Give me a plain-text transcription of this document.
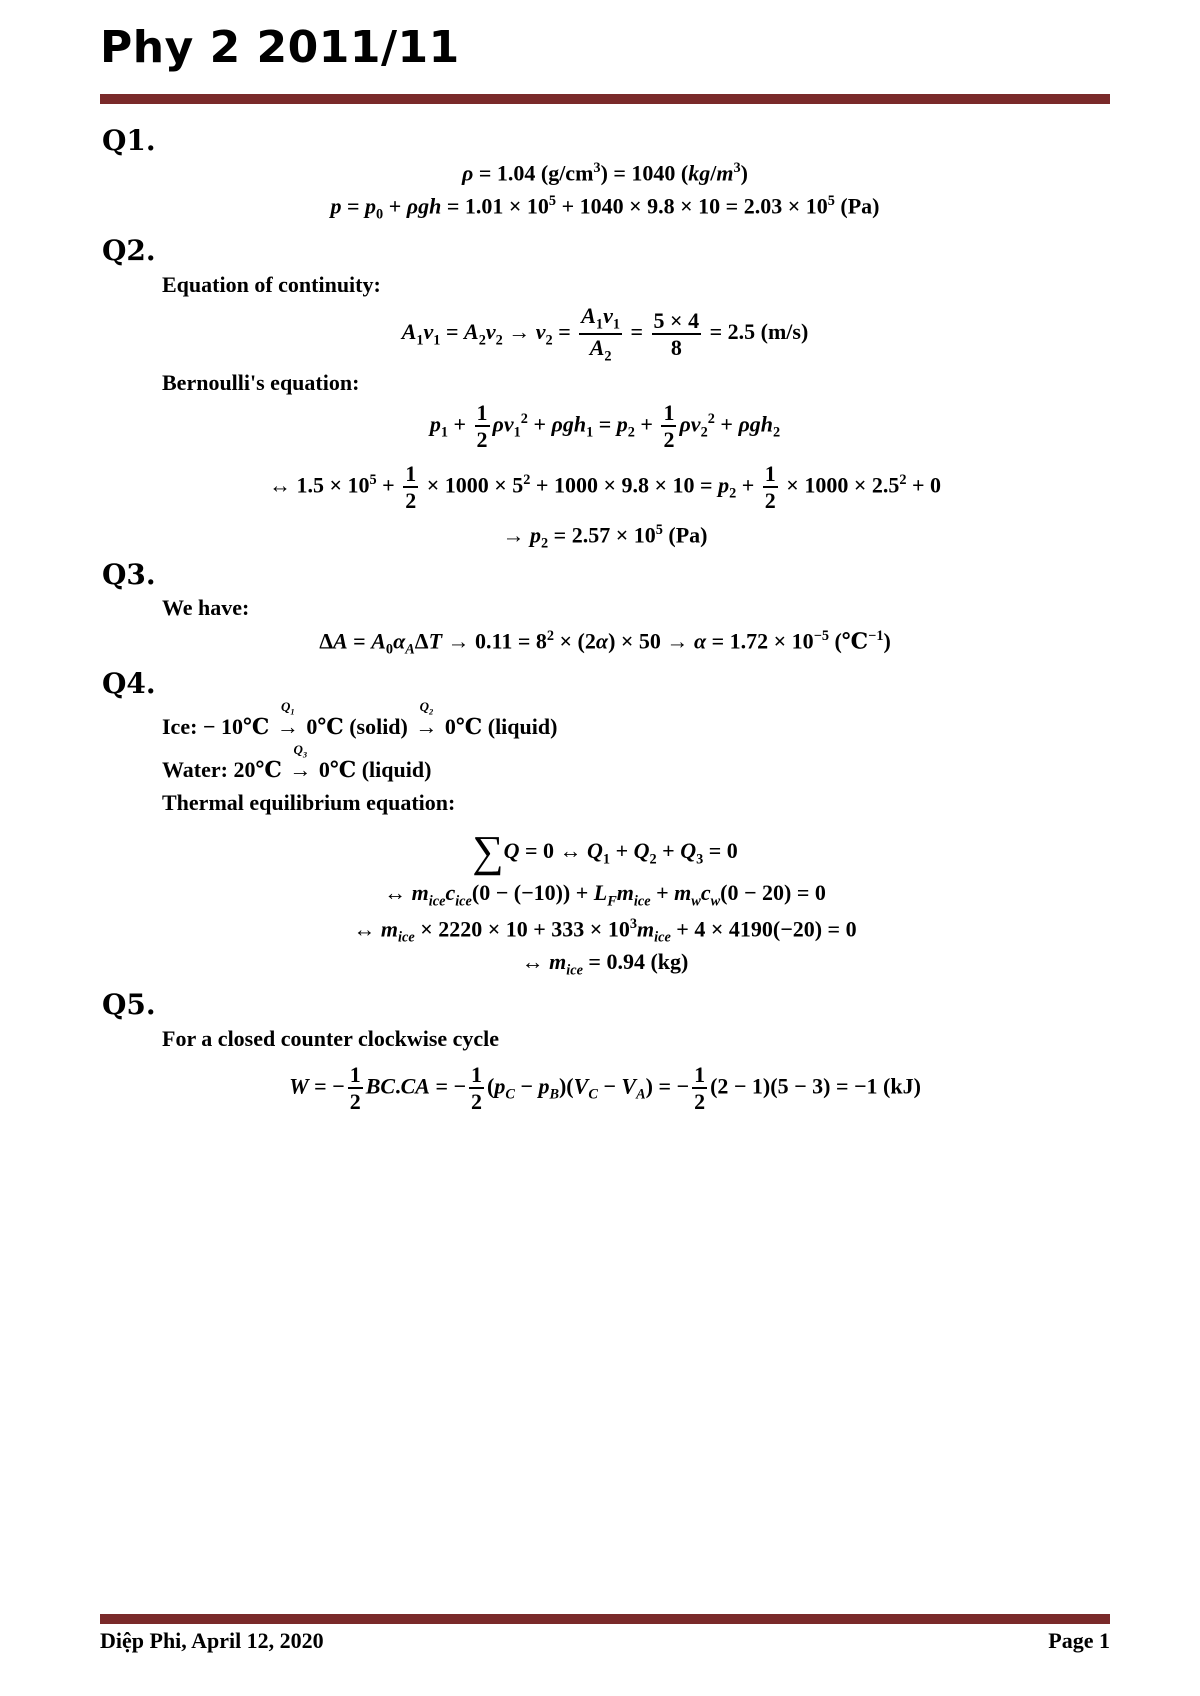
Phy 2 2011/11
Q1.
ρ = 1.04 $(g/cm^3) = 1040$ $(kg/m^3)$
$p = p_0 + \rho gh = 1.01 \times 10^5 + 1040 \times 9.8 \times 10 = 2.03 \times 10^5$ (Pa)
Q2.
Equation of continuity:
$A_1v_1 = A_2v_2 \to v_2 = \frac{A_1v_1}{A_2} = \frac{5 \times 4}{8} = 2.5$ (m/s)
Bernoulli's equation:
$p_1 + \frac{1}{2} \rho v_1^2 + \rho gh_1 = p_2 + \frac{1}{2} \rho v_2^2 + \rho gh_2$
↔ $1.5 \times 10^5 + \frac{1}{2} \times 1000 \times 5^2 + 1000 \times 9.8 \times 10 = p_2 + \frac{1}{2} \times 1000 \times 2.5^2 + 0$
→ $p_2 = 2.57 \times 10^5$ (Pa)
Q3.
We have:
$\Delta A = A_0\alpha_A\Delta T \to 0.11 = 8^2 \times (2\alpha) \times 50 \to \alpha = 1.72 \times 10^{-5}$ (℃$^{-1}$)
Q4.
Ice: − 10℃ →
$Q_1$
0℃ (solid) →
$Q_2$
0℃ (liquid)
Water: 20℃ →
$Q_3$
0℃ (liquid)
Thermal equilibrium equation:
∑Q = 0 ↔ $Q_1 + Q_2 + Q_3 = 0$
↔ $m_{ice}c_{ice}(0 - (-10)) + L_Fm_{ice} + m_wc_w(0 - 20) = 0$
↔ $m_{ice} \times 2220 \times 10 + 333 \times 10^3m_{ice} + 4 \times 4190(-20) = 0$
↔ $m_{ice} = 0.94$ (kg)
Q5.
For a closed counter clockwise cycle
W = − $\frac{1}{2} BC.CA$ = − $\frac{1}{2} (p_C - p_B)(V_C - V_A)$ = − $\frac{1}{2} (2 - 1)(5 - 3) = -1$ (kJ)
Diệp Phi, April 12, 2020	Page 1
